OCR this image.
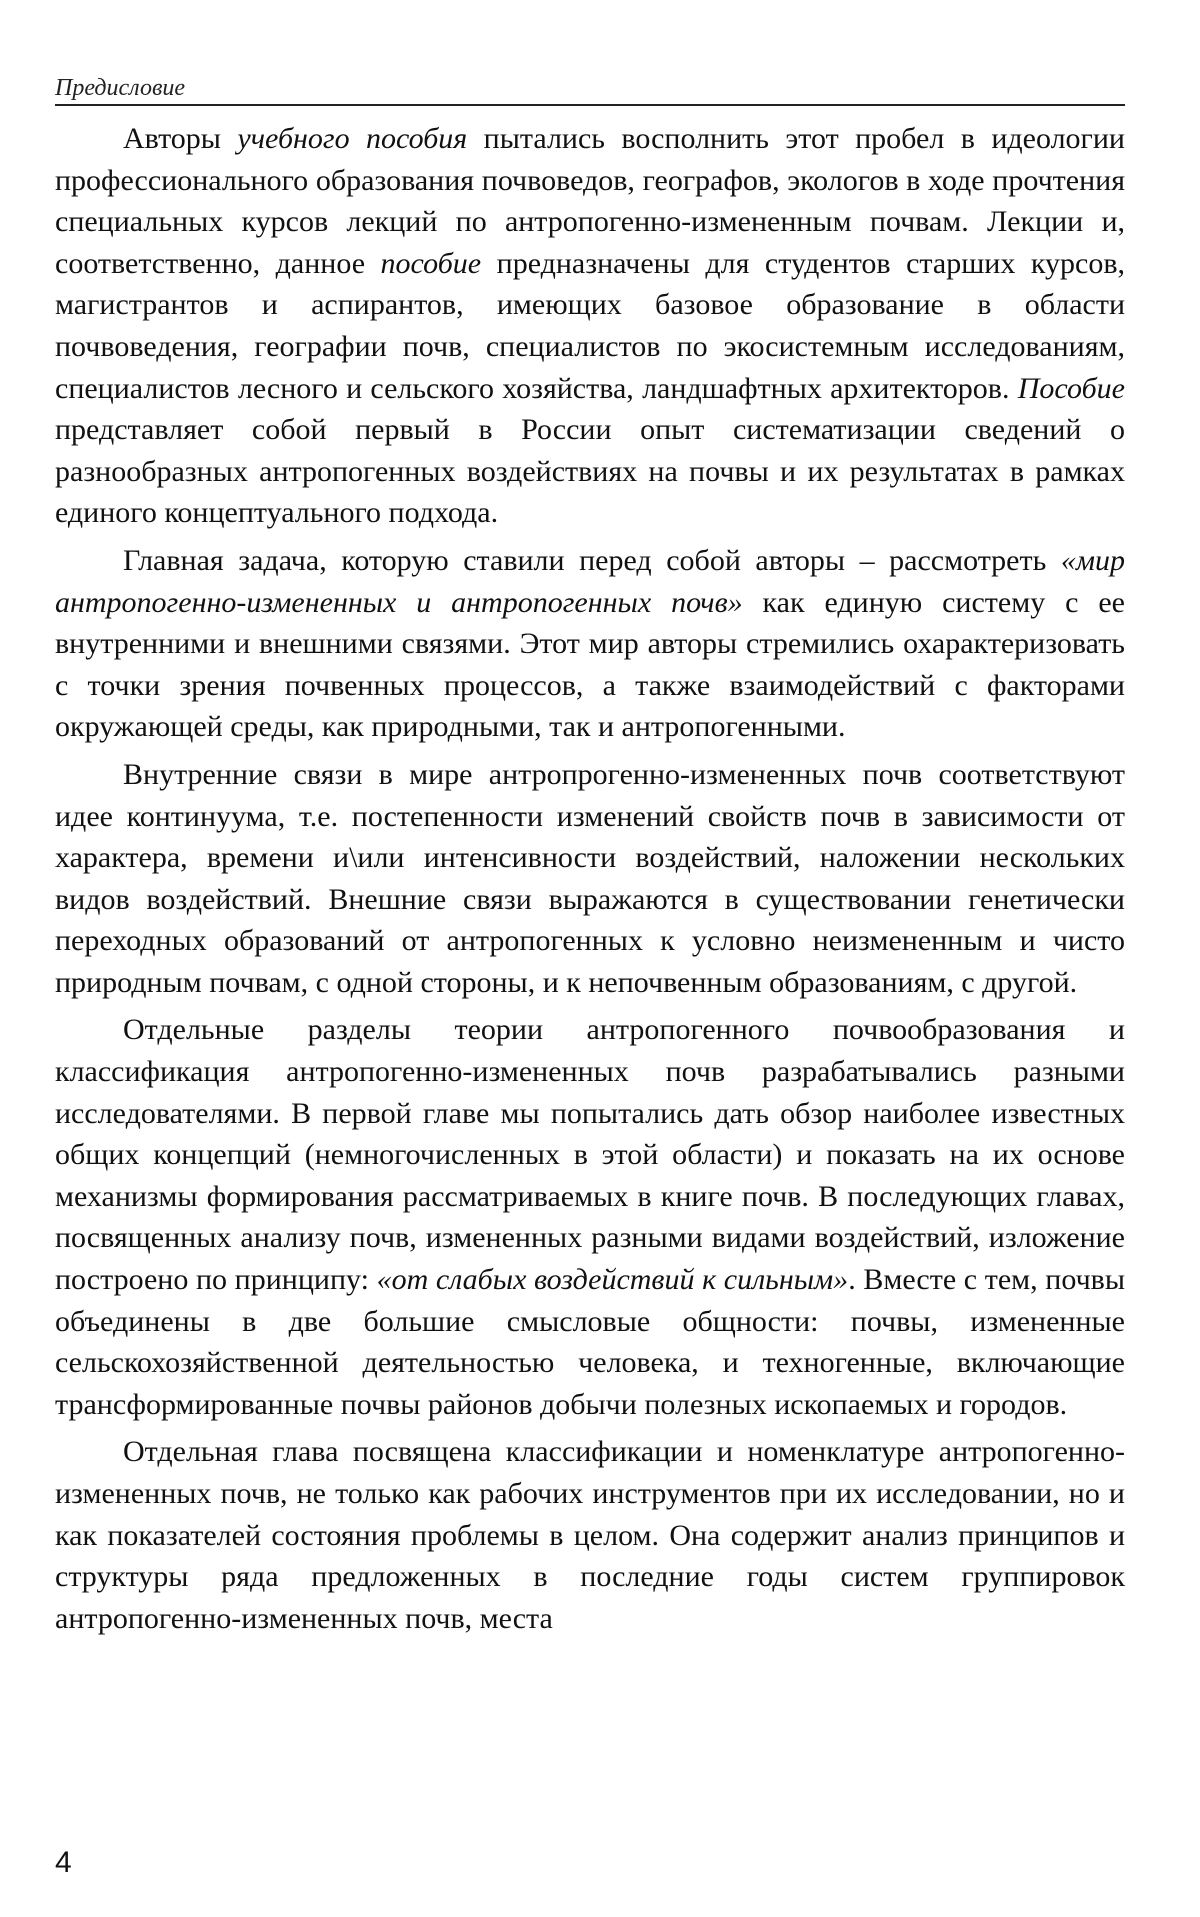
Предисловие

Авторы учебного пособия пытались восполнить этот пробел в идеологии профессионального образования почвоведов, географов, экологов в ходе прочтения специальных курсов лекций по антропогенно-измененным почвам. Лекции и, соответственно, данное пособие предназначены для студентов старших курсов, магистрантов и аспирантов, имеющих базовое образование в области почвоведения, географии почв, специалистов по экосистемным исследованиям, специалистов лесного и сельского хозяйства, ландшафтных архитекторов. Пособие представляет собой первый в России опыт систематизации сведений о разнообразных антропогенных воздействиях на почвы и их результатах в рамках единого концептуального подхода.

Главная задача, которую ставили перед собой авторы – рассмотреть «мир антропогенно-измененных и антропогенных почв» как единую систему с ее внутренними и внешними связями. Этот мир авторы стремились охарактеризовать с точки зрения почвенных процессов, а также взаимодействий с факторами окружающей среды, как природными, так и антропогенными.

Внутренние связи в мире антропрогенно-измененных почв соответствуют идее континуума, т.е. постепенности изменений свойств почв в зависимости от характера, времени и\или интенсивности воздействий, наложении нескольких видов воздействий. Внешние связи выражаются в существовании генетически переходных образований от антропогенных к условно неизмененным и чисто природным почвам, с одной стороны, и к непочвенным образованиям, с другой.

Отдельные разделы теории антропогенного почвообразования и классификация антропогенно-измененных почв разрабатывались разными исследователями. В первой главе мы попытались дать обзор наиболее известных общих концепций (немногочисленных в этой области) и показать на их основе механизмы формирования рассматриваемых в книге почв. В последующих главах, посвященных анализу почв, измененных разными видами воздействий, изложение построено по принципу: «от слабых воздействий к сильным». Вместе с тем, почвы объединены в две большие смысловые общности: почвы, измененные сельскохозяйственной деятельностью человека, и техногенные, включающие трансформированные почвы районов добычи полезных ископаемых и городов.

Отдельная глава посвящена классификации и номенклатуре антропогенно-измененных почв, не только как рабочих инструментов при их исследовании, но и как показателей состояния проблемы в целом. Она содержит анализ принципов и структуры ряда предложенных в последние годы систем группировок антропогенно-измененных почв, места

4
